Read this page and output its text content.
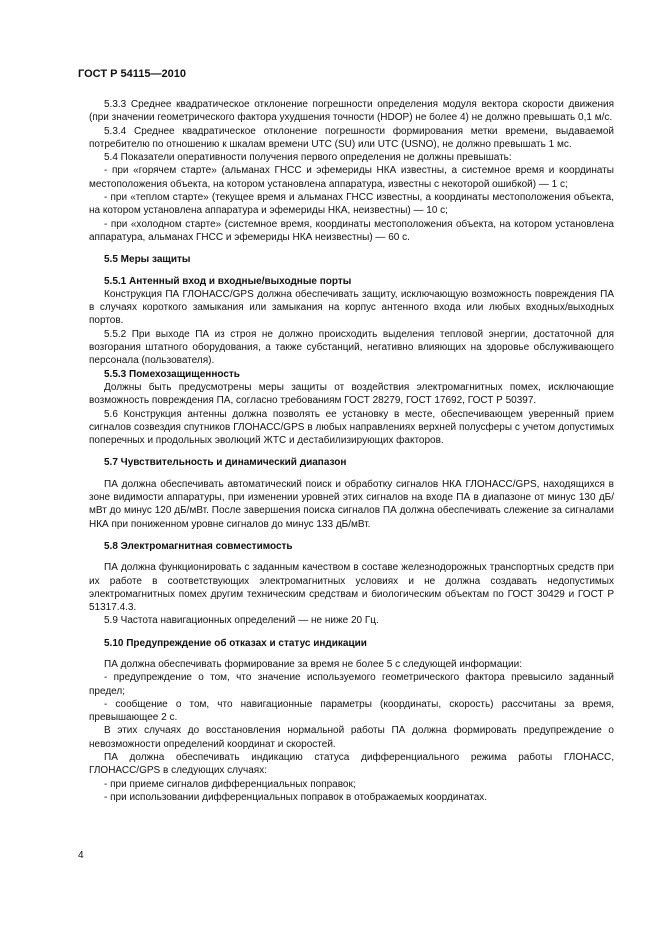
ГОСТ Р 54115—2010

5.3.3 Среднее квадратическое отклонение погрешности определения модуля вектора скорости движения (при значении геометрического фактора ухудшения точности (HDOP) не более 4) не должно превышать 0,1 м/с.

5.3.4 Среднее квадратическое отклонение погрешности формирования метки времени, выдаваемой потребителю по отношению к шкалам времени UTC (SU) или UTC (USNO), не должно превышать 1 мс.

5.4 Показатели оперативности получения первого определения не должны превышать:

- при «горячем старте» (альманах ГНСС и эфемериды НКА известны, а системное время и координаты местоположения объекта, на котором установлена аппаратура, известны с некоторой ошибкой) — 1 с;

- при «теплом старте» (текущее время и альманах ГНСС известны, а координаты местоположения объекта, на котором установлена аппаратура и эфемериды НКА, неизвестны) — 10 с;

- при «холодном старте» (системное время, координаты местоположения объекта, на котором установлена аппаратура, альманах ГНСС и эфемериды НКА неизвестны) — 60 с.

5.5 Меры защиты

5.5.1 Антенный вход и входные/выходные порты

Конструкция ПА ГЛОНАСС/GPS должна обеспечивать защиту, исключающую возможность повреждения ПА в случаях короткого замыкания или замыкания на корпус антенного входа или любых входных/выходных портов.

5.5.2 При выходе ПА из строя не должно происходить выделения тепловой энергии, достаточной для возгорания штатного оборудования, а также субстанций, негативно влияющих на здоровье обслуживающего персонала (пользователя).

5.5.3 Помехозащищенность

Должны быть предусмотрены меры защиты от воздействия электромагнитных помех, исключающие возможность повреждения ПА, согласно требованиям ГОСТ 28279, ГОСТ 17692, ГОСТ Р 50397.

5.6 Конструкция антенны должна позволять ее установку в месте, обеспечивающем уверенный прием сигналов созвездия спутников ГЛОНАСС/GPS в любых направлениях верхней полусферы с учетом допустимых поперечных и продольных эволюций ЖТС и дестабилизирующих факторов.

5.7 Чувствительность и динамический диапазон

ПА должна обеспечивать автоматический поиск и обработку сигналов НКА ГЛОНАСС/GPS, находящихся в зоне видимости аппаратуры, при изменении уровней этих сигналов на входе ПА в диапазоне от минус 130 дБ/мВт до минус 120 дБ/мВт. После завершения поиска сигналов ПА должна обеспечивать слежение за сигналами НКА при пониженном уровне сигналов до минус 133 дБ/мВт.

5.8 Электромагнитная совместимость

ПА должна функционировать с заданным качеством в составе железнодорожных транспортных средств при их работе в соответствующих электромагнитных условиях и не должна создавать недопустимых электромагнитных помех другим техническим средствам и биологическим объектам по ГОСТ 30429 и ГОСТ Р 51317.4.3.

5.9 Частота навигационных определений — не ниже 20 Гц.

5.10 Предупреждение об отказах и статус индикации

ПА должна обеспечивать формирование за время не более 5 с следующей информации:

- предупреждение о том, что значение используемого геометрического фактора превысило заданный предел;

- сообщение о том, что навигационные параметры (координаты, скорость) рассчитаны за время, превышающее 2 с.

В этих случаях до восстановления нормальной работы ПА должна формировать предупреждение о невозможности определений координат и скоростей.

ПА должна обеспечивать индикацию статуса дифференциального режима работы ГЛОНАСС, ГЛОНАСС/GPS в следующих случаях:

- при приеме сигналов дифференциальных поправок;

- при использовании дифференциальных поправок в отображаемых координатах.

4
